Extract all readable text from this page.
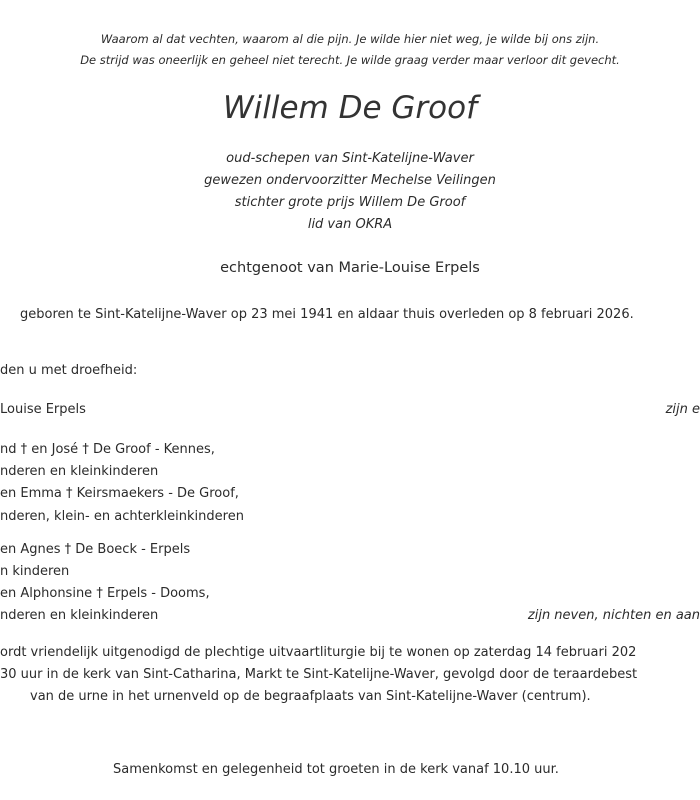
Waarom al dat vechten, waarom al die pijn. Je wilde hier niet weg, je wilde bij ons zijn.
De strijd was oneerlijk en geheel niet terecht. Je wilde graag verder maar verloor dit gevecht.
Willem De Groof
oud-schepen van Sint-Katelijne-Waver
gewezen ondervoorzitter Mechelse Veilingen
stichter grote prijs Willem De Groof
lid van OKRA
echtgenoot van Marie-Louise Erpels
geboren te Sint-Katelijne-Waver op 23 mei 1941 en aldaar thuis overleden op 8 februari 2026.
den u met droefheid:
Louise Erpels	zijn e
nd † en José † De Groof - Kennes,
nderen en kleinkinderen
en Emma † Keirsmaekers - De Groof,
nderen, klein- en achterkleinkinderen
en Agnes † De Boeck - Erpels
n kinderen
en Alphonsine † Erpels - Dooms,
nderen en kleinkinderen	zijn neven, nichten en aan
ordt vriendelijk uitgenodigd de plechtige uitvaartliturgie bij te wonen op zaterdag 14 februari 202
30 uur in de kerk van Sint-Catharina, Markt te Sint-Katelijne-Waver, gevolgd door de teraardebest
van de urne in het urnenveld op de begraafplaats van Sint-Katelijne-Waver (centrum).
Samenkomst en gelegenheid tot groeten in de kerk vanaf 10.10 uur.
